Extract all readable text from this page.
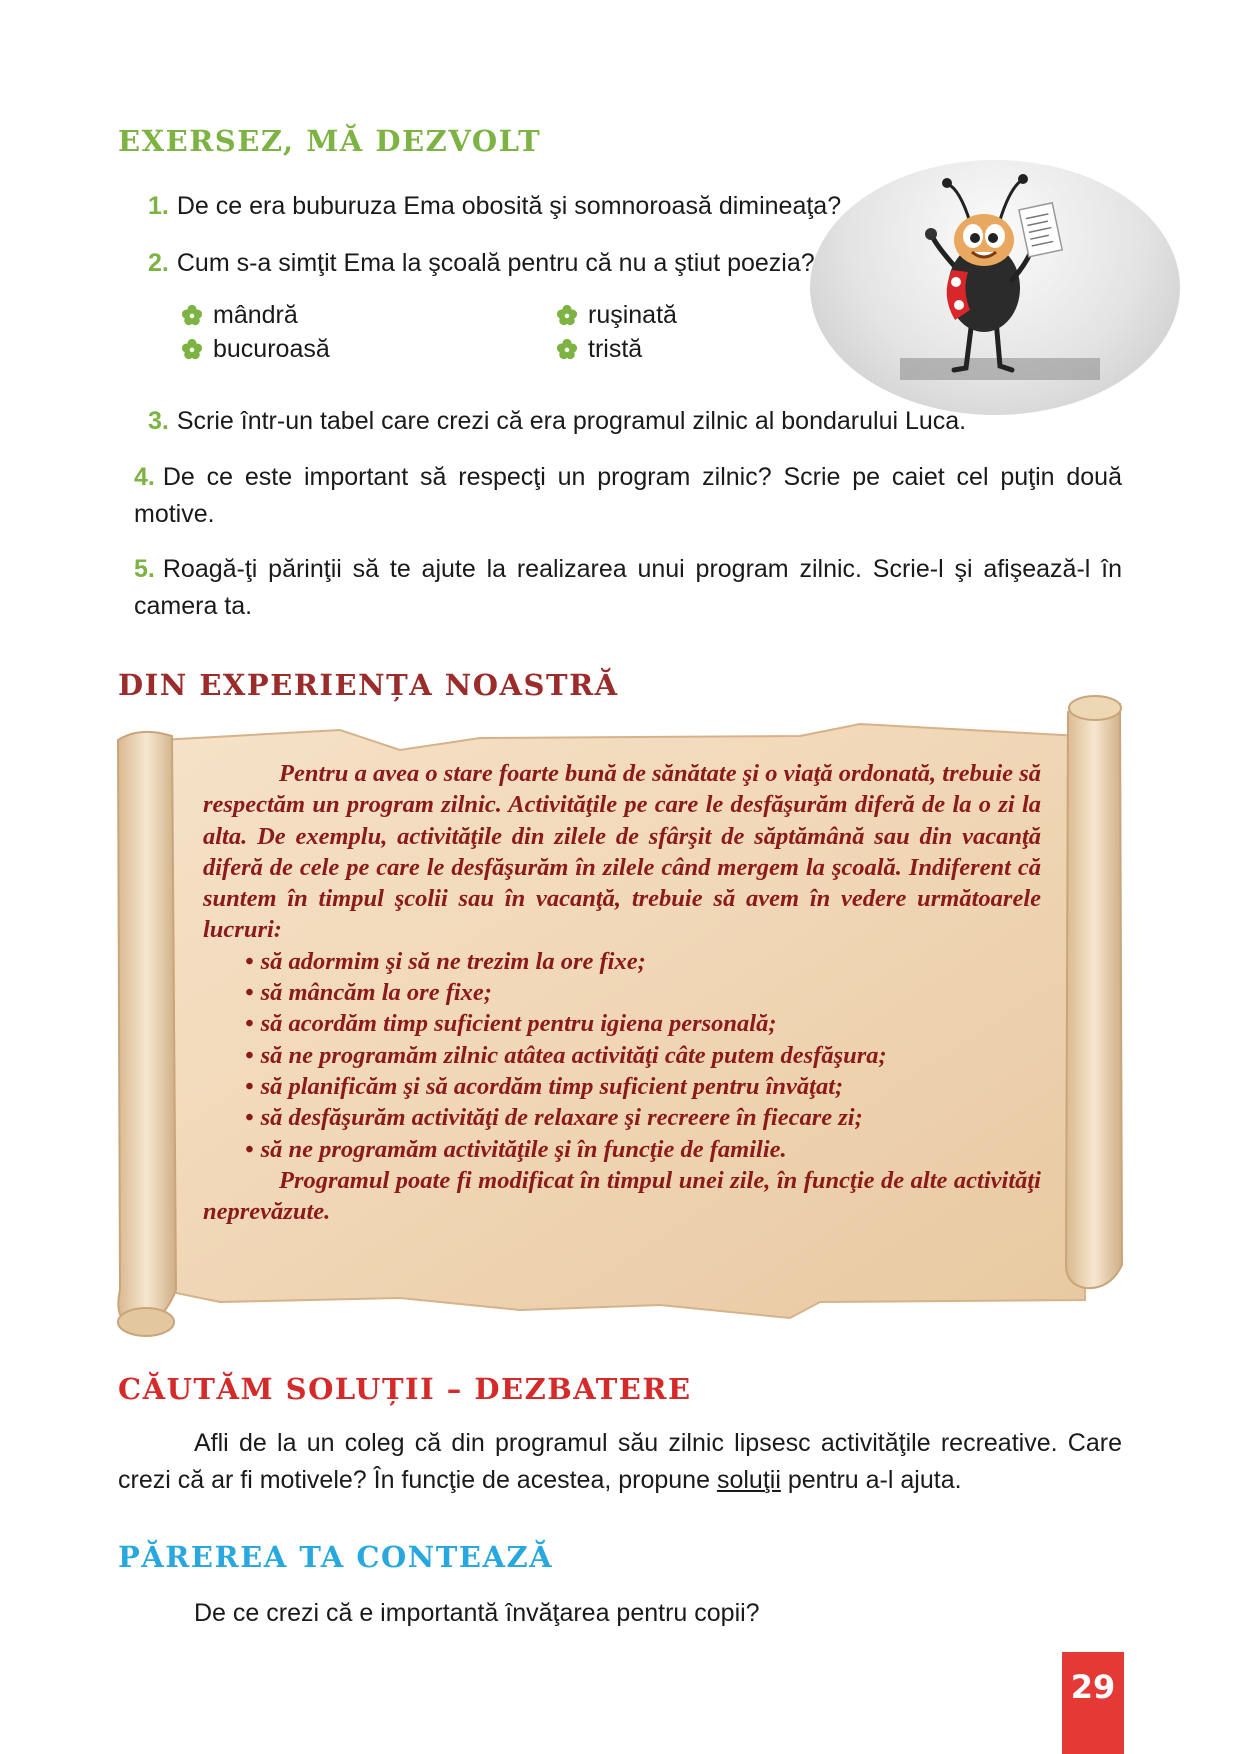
EXERSEZ, MĂ DEZVOLT

1. De ce era buburuza Ema obosită şi somnoroasă dimineaţa?

2. Cum s-a simţit Ema la şcoală pentru că nu a ştiut poezia?

mândră	ruşinată
bucuroasă	tristă

3. Scrie într-un tabel care crezi că era programul zilnic al bondarului Luca.

4. De ce este important să respecţi un program zilnic? Scrie pe caiet cel puţin două motive.

5. Roagă-ţi părinţii să te ajute la realizarea unui program zilnic. Scrie-l şi afişează-l în camera ta.

DIN EXPERIENȚA NOASTRĂ

Pentru a avea o stare foarte bună de sănătate şi o viaţă ordonată, trebuie să respectăm un program zilnic. Activităţile pe care le desfăşurăm diferă de la o zi la alta. De exemplu, activităţile din zilele de sfârşit de săptămână sau din vacanţă diferă de cele pe care le desfăşurăm în zilele când mergem la şcoală. Indiferent că suntem în timpul şcolii sau în vacanţă, trebuie să avem în vedere următoarele lucruri:

• să adormim şi să ne trezim la ore fixe;
• să mâncăm la ore fixe;
• să acordăm timp suficient pentru igiena personală;
• să ne programăm zilnic atâtea activităţi câte putem desfăşura;
• să planificăm şi să acordăm timp suficient pentru învăţat;
• să desfăşurăm activităţi de relaxare şi recreere în fiecare zi;
• să ne programăm activităţile şi în funcţie de familie.

Programul poate fi modificat în timpul unei zile, în funcţie de alte activităţi neprevăzute.

CĂUTĂM SOLUȚII – DEZBATERE

Afli de la un coleg că din programul său zilnic lipsesc activităţile recreative. Care crezi că ar fi motivele? În funcţie de acestea, propune soluţii pentru a-l ajuta.

PĂREREA TA CONTEAZĂ

De ce crezi că e importantă învăţarea pentru copii?

29
